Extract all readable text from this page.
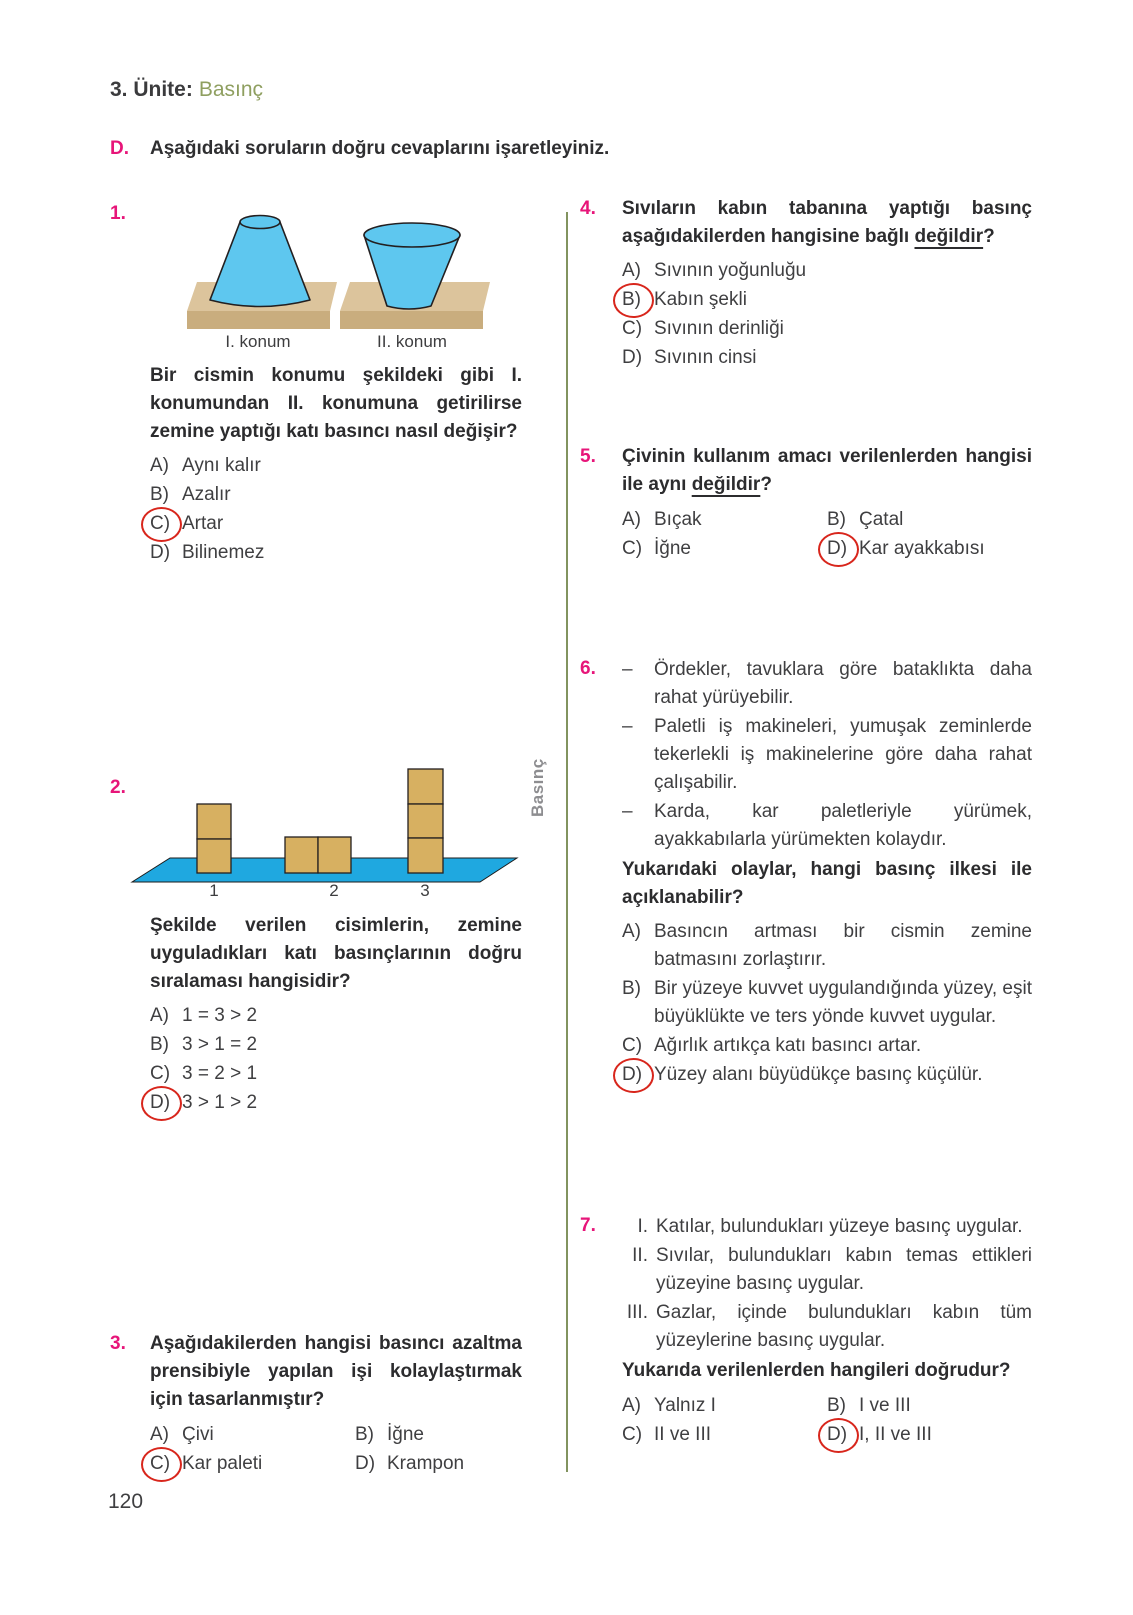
3. Ünite: Basınç
D.	Aşağıdaki soruların doğru cevaplarını işaretleyiniz.
Basınç
1.
I. konum	II. konum

Bir cismin konumu şekildeki gibi I. konumundan II. konumuna getirilirse zemine yaptığı katı basıncı nasıl değişir?

A) Aynı kalır
B) Azalır
C) Artar
D) Bilinemez
2.
1	2	3

Şekilde verilen cisimlerin, zemine uyguladıkları katı basınçlarının doğru sıralaması hangisidir?

A) 1 = 3 > 2
B) 3 > 1 = 2
C) 3 = 2 > 1
D) 3 > 1 > 2
3. Aşağıdakilerden hangisi basıncı azaltma prensibiyle yapılan işi kolaylaştırmak için tasarlanmıştır?

A) Çivi	B) İğne
C) Kar paleti	D) Krampon
4. Sıvıların kabın tabanına yaptığı basınç aşağıdakilerden hangisine bağlı değildir?

A) Sıvının yoğunluğu
B) Kabın şekli
C) Sıvının derinliği
D) Sıvının cinsi
5. Çivinin kullanım amacı verilenlerden hangisi ile aynı değildir?

A) Bıçak	B) Çatal
C) İğne	D) Kar ayakkabısı
6. –	Ördekler, tavuklara göre bataklıkta daha rahat yürüyebilir.
–	Paletli iş makineleri, yumuşak zeminlerde tekerlekli iş makinelerine göre daha rahat çalışabilir.
–	Karda, kar paletleriyle yürümek, ayakkabılarla yürümekten kolaydır.

Yukarıdaki olaylar, hangi basınç ilkesi ile açıklanabilir?

A) Basıncın artması bir cismin zemine batmasını zorlaştırır.
B) Bir yüzeye kuvvet uygulandığında yüzey, eşit büyüklükte ve ters yönde kuvvet uygular.
C) Ağırlık artıkça katı basıncı artar.
D) Yüzey alanı büyüdükçe basınç küçülür.
7.	I. Katılar, bulundukları yüzeye basınç uygular.
II. Sıvılar, bulundukları kabın temas ettikleri yüzeyine basınç uygular.
III. Gazlar, içinde bulundukları kabın tüm yüzeylerine basınç uygular.

Yukarıda verilenlerden hangileri doğrudur?

A) Yalnız I	B) I ve III
C) II ve III	D) I, II ve III
120
